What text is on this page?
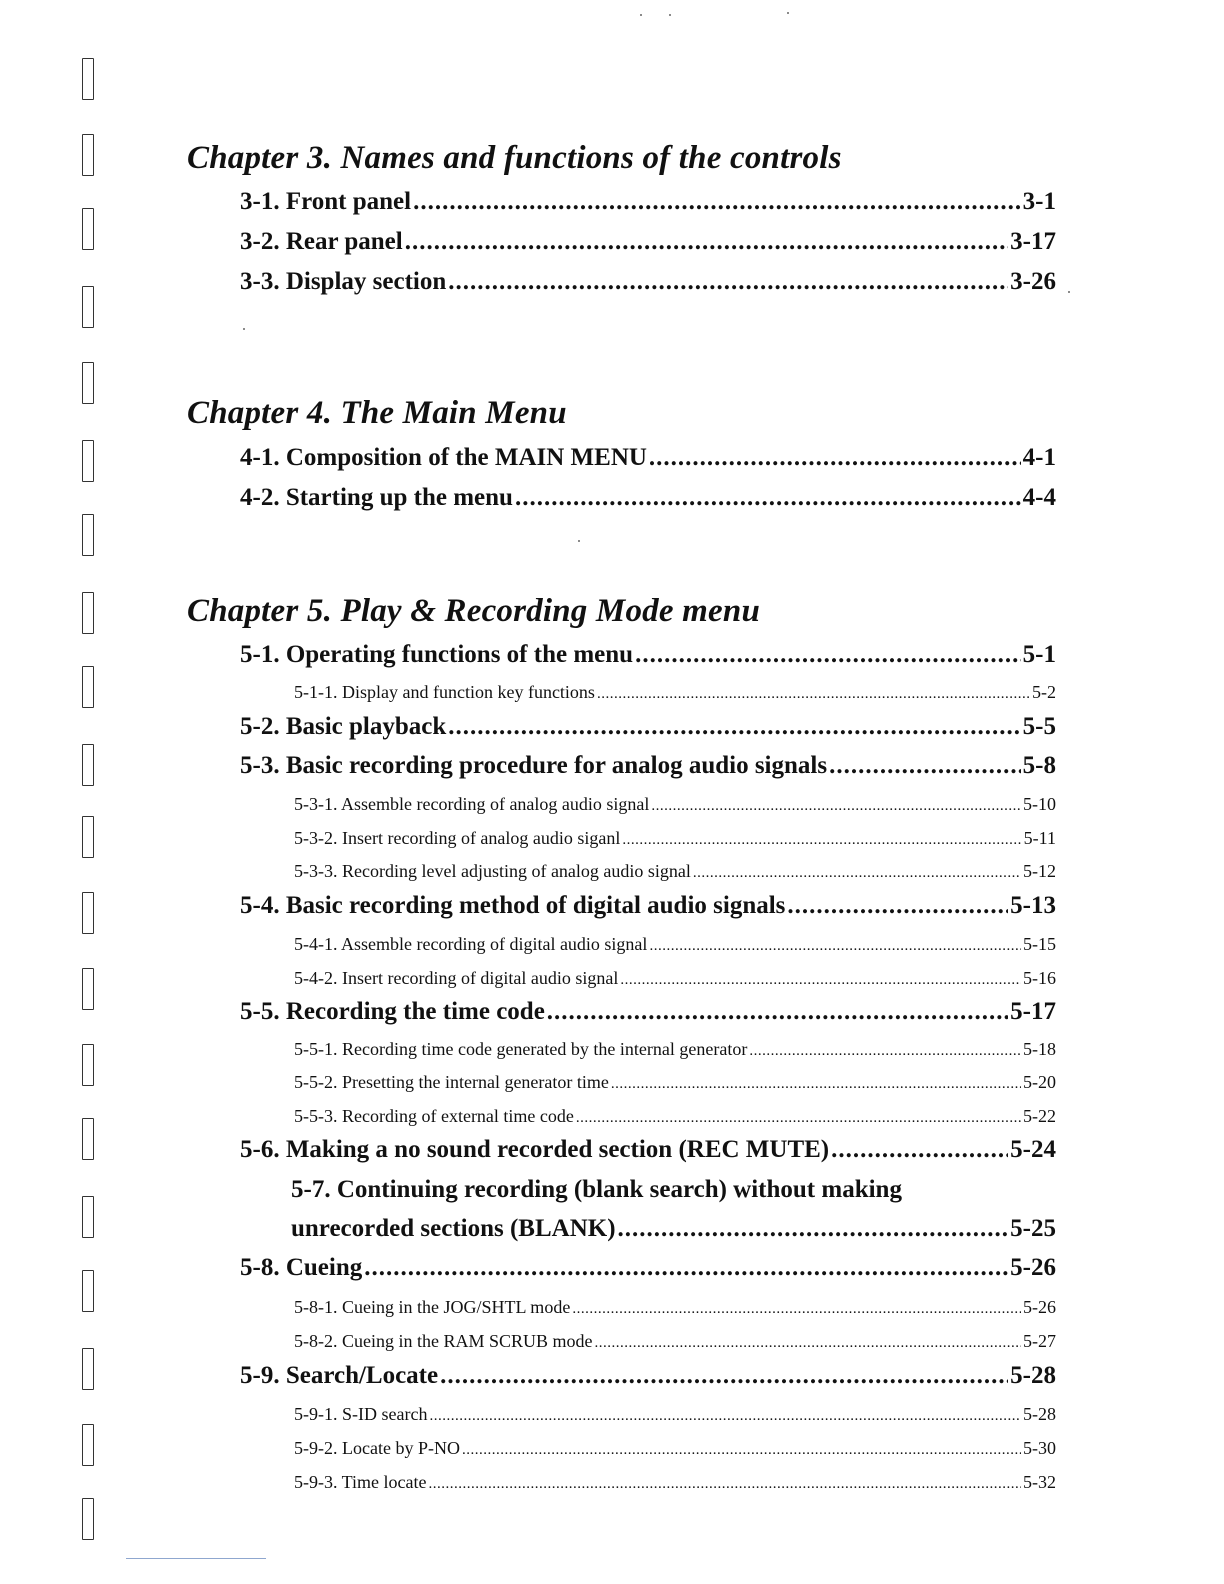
Chapter 3. Names and functions of the controls
3-1. Front panel .....	3-1
3-2. Rear panel .....	3-17
3-3. Display section .....	3-26
Chapter 4. The Main Menu
4-1. Composition of the MAIN MENU .....	4-1
4-2. Starting up the menu .....	4-4
Chapter 5. Play & Recording Mode menu
5-1. Operating functions of the menu .....	5-1
5-1-1. Display and function key functions .....	5-2
5-2. Basic playback .....	5-5
5-3. Basic recording procedure for analog audio signals .....	5-8
5-3-1. Assemble recording of analog audio signal .....	5-10
5-3-2. Insert recording of analog audio siganl .....	5-11
5-3-3. Recording level adjusting of analog audio signal .....	5-12
5-4. Basic recording method of digital audio signals .....	5-13
5-4-1. Assemble recording of digital audio signal .....	5-15
5-4-2. Insert recording of digital audio signal .....	5-16
5-5. Recording the time code .....	5-17
5-5-1. Recording time code generated by the internal generator .....	5-18
5-5-2. Presetting the internal generator time .....	5-20
5-5-3. Recording of external time code .....	5-22
5-6. Making a no sound recorded section (REC MUTE) .....	5-24
5-7. Continuing recording (blank search) without making
unrecorded sections (BLANK) .....	5-25
5-8. Cueing .....	5-26
5-8-1. Cueing in the JOG/SHTL mode .....	5-26
5-8-2. Cueing in the RAM SCRUB mode .....	5-27
5-9. Search/Locate .....	5-28
5-9-1. S-ID search .....	5-28
5-9-2. Locate by P-NO .....	5-30
5-9-3. Time locate .....	5-32
